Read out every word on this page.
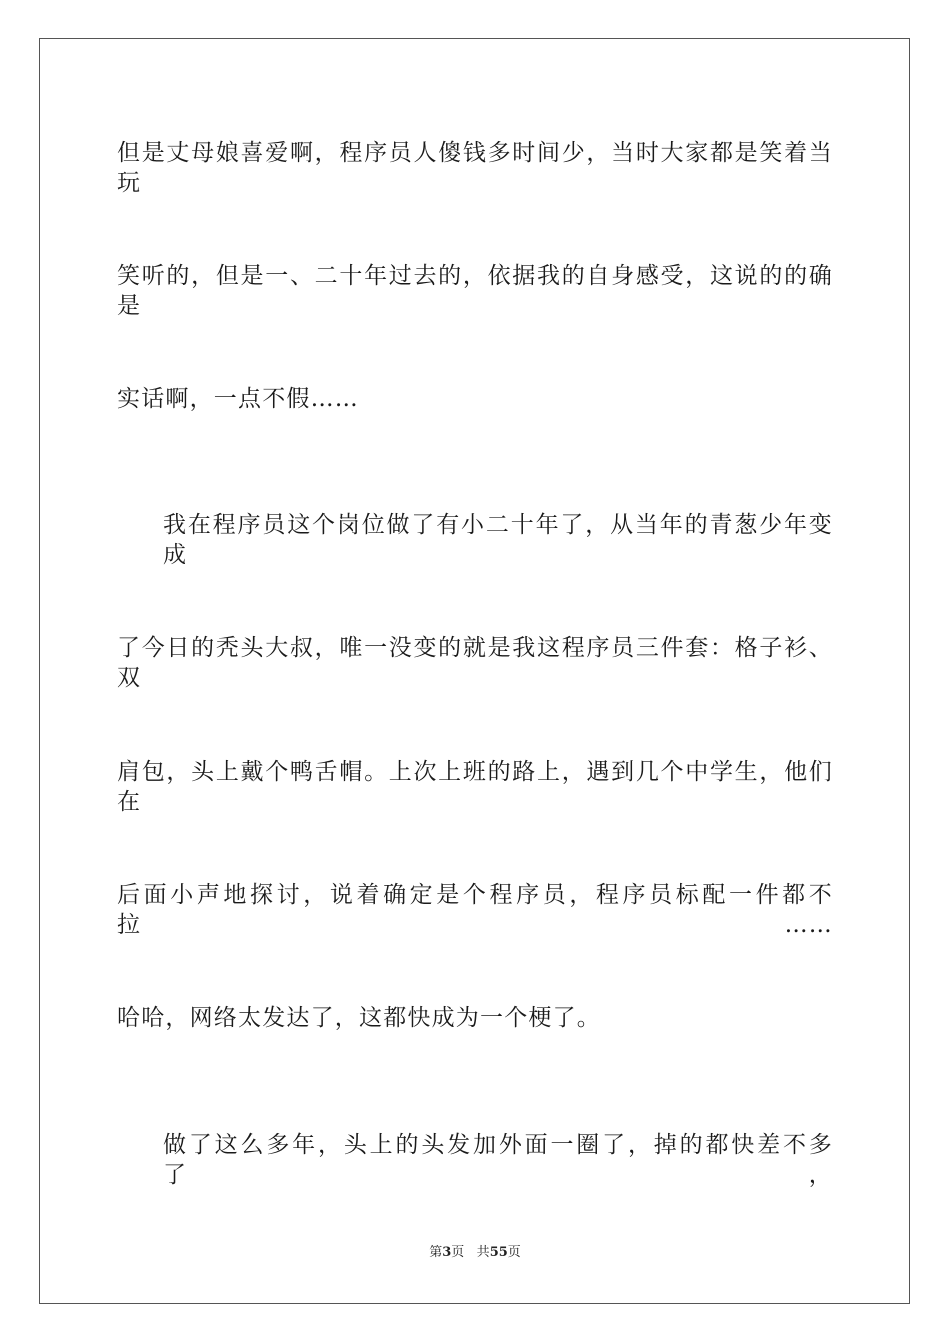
但是丈母娘喜爱啊，程序员人傻钱多时间少，当时大家都是笑着当玩
笑听的，但是一、二十年过去的，依据我的自身感受，这说的的确是
实话啊，一点不假……
我在程序员这个岗位做了有小二十年了，从当年的青葱少年变成
了今日的秃头大叔，唯一没变的就是我这程序员三件套：格子衫、双
肩包，头上戴个鸭舌帽。上次上班的路上，遇到几个中学生，他们在
后面小声地探讨，说着确定是个程序员，程序员标配一件都不拉……
哈哈，网络太发达了，这都快成为一个梗了。
做了这么多年，头上的头发加外面一圈了，掉的都快差不多了，
第3页 共55页
